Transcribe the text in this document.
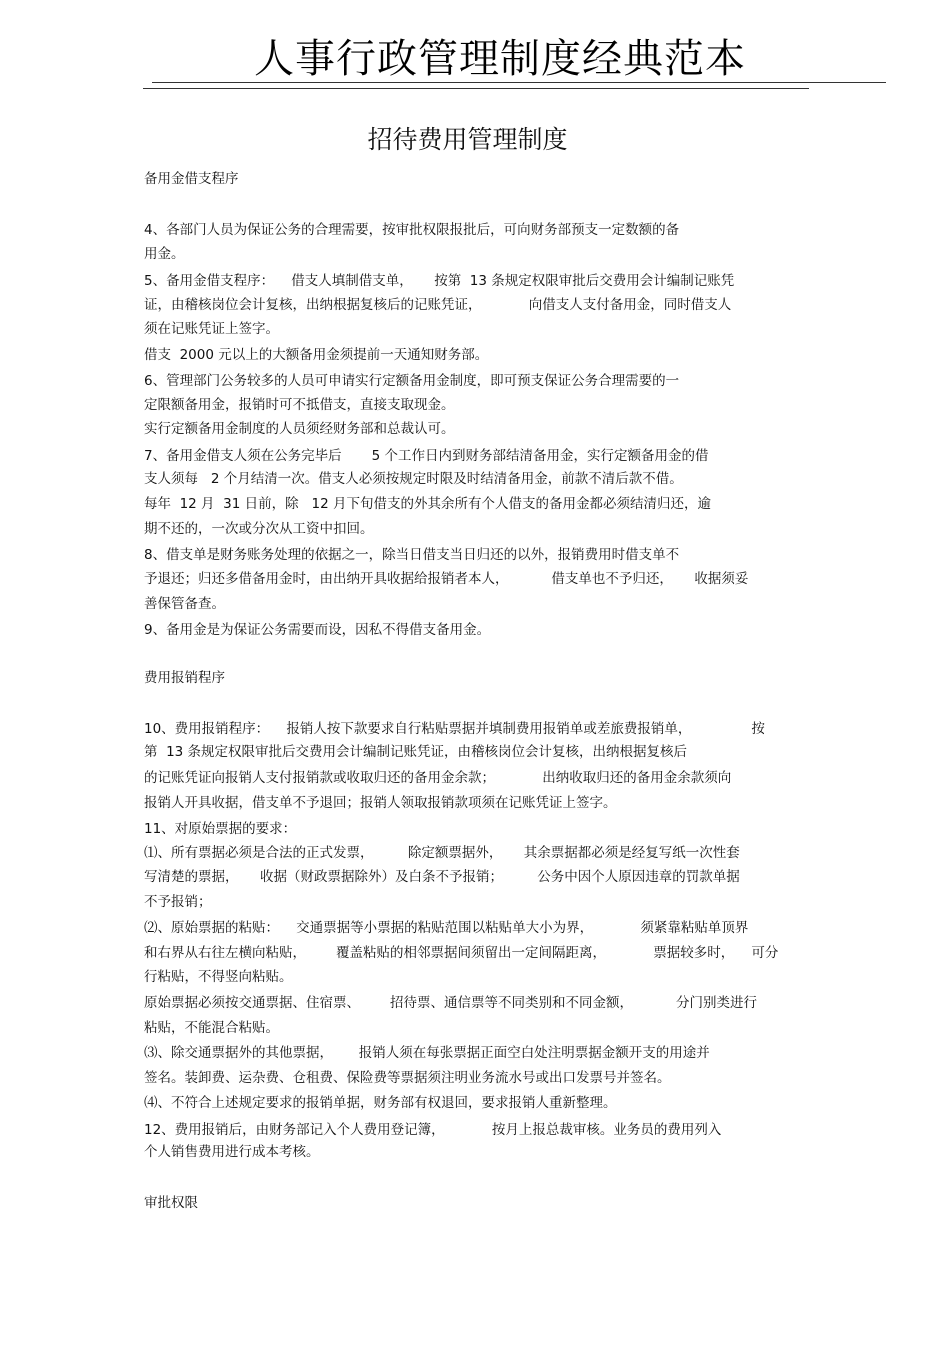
人事行政管理制度经典范本
招待费用管理制度
备用金借支程序
4、各部门人员为保证公务的合理需要，按审批权限报批后，可向财务部预支一定数额的备
用金。
5、备用金借支程序：    借支人填制借支单，     按第  13 条规定权限审批后交费用会计编制记账凭
证，由稽核岗位会计复核，出纳根据复核后的记账凭证，           向借支人支付备用金，同时借支人
须在记账凭证上签字。
借支  2000 元以上的大额备用金须提前一天通知财务部。
6、管理部门公务较多的人员可申请实行定额备用金制度，即可预支保证公务合理需要的一
定限额备用金，报销时可不抵借支，直接支取现金。
实行定额备用金制度的人员须经财务部和总裁认可。
7、备用金借支人须在公务完毕后       5 个工作日内到财务部结清备用金，实行定额备用金的借
支人须每   2 个月结清一次。借支人必须按规定时限及时结清备用金，前款不清后款不借。
每年  12 月  31 日前，除   12 月下旬借支的外其余所有个人借支的备用金都必须结清归还，逾
期不还的，一次或分次从工资中扣回。
8、借支单是财务账务处理的依据之一，除当日借支当日归还的以外，报销费用时借支单不
予退还；归还多借备用金时，由出纳开具收据给报销者本人，          借支单也不予归还，     收据须妥
善保管备查。
9、备用金是为保证公务需要而设，因私不得借支备用金。
费用报销程序
10、费用报销程序：    报销人按下款要求自行粘贴票据并填制费用报销单或差旅费报销单，              按
第  13 条规定权限审批后交费用会计编制记账凭证，由稽核岗位会计复核，出纳根据复核后
的记账凭证向报销人支付报销款或收取归还的备用金余款；           出纳收取归还的备用金余款须向
报销人开具收据，借支单不予退回；报销人领取报销款项须在记账凭证上签字。
11、对原始票据的要求：
⑴、所有票据必须是合法的正式发票，        除定额票据外，     其余票据都必须是经复写纸一次性套
写清楚的票据，     收据（财政票据除外）及白条不予报销；        公务中因个人原因违章的罚款单据
不予报销；
⑵、原始票据的粘贴：    交通票据等小票据的粘贴范围以粘贴单大小为界，           须紧靠粘贴单顶界
和右界从右往左横向粘贴，       覆盖粘贴的相邻票据间须留出一定间隔距离，           票据较多时，    可分
行粘贴，不得竖向粘贴。
原始票据必须按交通票据、住宿票、       招待票、通信票等不同类别和不同金额，          分门别类进行
粘贴，不能混合粘贴。
⑶、除交通票据外的其他票据，      报销人须在每张票据正面空白处注明票据金额开支的用途并
签名。装卸费、运杂费、仓租费、保险费等票据须注明业务流水号或出口发票号并签名。
⑷、不符合上述规定要求的报销单据，财务部有权退回，要求报销人重新整理。
12、费用报销后，由财务部记入个人费用登记簿，           按月上报总裁审核。业务员的费用列入
个人销售费用进行成本考核。
审批权限
